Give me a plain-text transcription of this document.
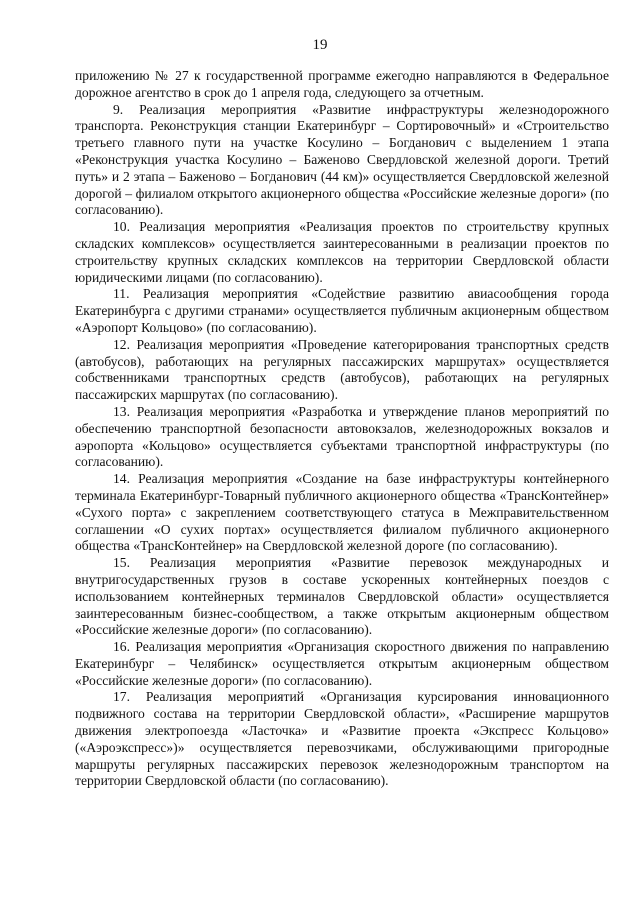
19

приложению № 27 к государственной программе ежегодно направляются в Федеральное дорожное агентство в срок до 1 апреля года, следующего за отчетным.

9. Реализация мероприятия «Развитие инфраструктуры железнодорожного транспорта. Реконструкция станции Екатеринбург – Сортировочный» и «Строительство третьего главного пути на участке Косулино – Богданович с выделением 1 этапа «Реконструкция участка Косулино – Баженово Свердловской железной дороги. Третий путь» и 2 этапа – Баженово – Богданович (44 км)» осуществляется Свердловской железной дорогой – филиалом открытого акционерного общества «Российские железные дороги» (по согласованию).

10. Реализация мероприятия «Реализация проектов по строительству крупных складских комплексов» осуществляется заинтересованными в реализации проектов по строительству крупных складских комплексов на территории Свердловской области юридическими лицами (по согласованию).

11. Реализация мероприятия «Содействие развитию авиасообщения города Екатеринбурга с другими странами» осуществляется публичным акционерным обществом «Аэропорт Кольцово» (по согласованию).

12. Реализация мероприятия «Проведение категорирования транспортных средств (автобусов), работающих на регулярных пассажирских маршрутах» осуществляется собственниками транспортных средств (автобусов), работающих на регулярных пассажирских маршрутах (по согласованию).

13. Реализация мероприятия «Разработка и утверждение планов мероприятий по обеспечению транспортной безопасности автовокзалов, железнодорожных вокзалов и аэропорта «Кольцово» осуществляется субъектами транспортной инфраструктуры (по согласованию).

14. Реализация мероприятия «Создание на базе инфраструктуры контейнерного терминала Екатеринбург-Товарный публичного акционерного общества «ТрансКонтейнер» «Сухого порта» с закреплением соответствующего статуса в Межправительственном соглашении «О сухих портах» осуществляется филиалом публичного акционерного общества «ТрансКонтейнер» на Свердловской железной дороге (по согласованию).

15. Реализация мероприятия «Развитие перевозок международных и внутригосударственных грузов в составе ускоренных контейнерных поездов с использованием контейнерных терминалов Свердловской области» осуществляется заинтересованным бизнес-сообществом, а также открытым акционерным обществом «Российские железные дороги» (по согласованию).

16. Реализация мероприятия «Организация скоростного движения по направлению Екатеринбург – Челябинск» осуществляется открытым акционерным обществом «Российские железные дороги» (по согласованию).

17. Реализация мероприятий «Организация курсирования инновационного подвижного состава на территории Свердловской области», «Расширение маршрутов движения электропоезда «Ласточка» и «Развитие проекта «Экспресс Кольцово» («Аэроэкспресс»)» осуществляется перевозчиками, обслуживающими пригородные маршруты регулярных пассажирских перевозок железнодорожным транспортом на территории Свердловской области (по согласованию).
